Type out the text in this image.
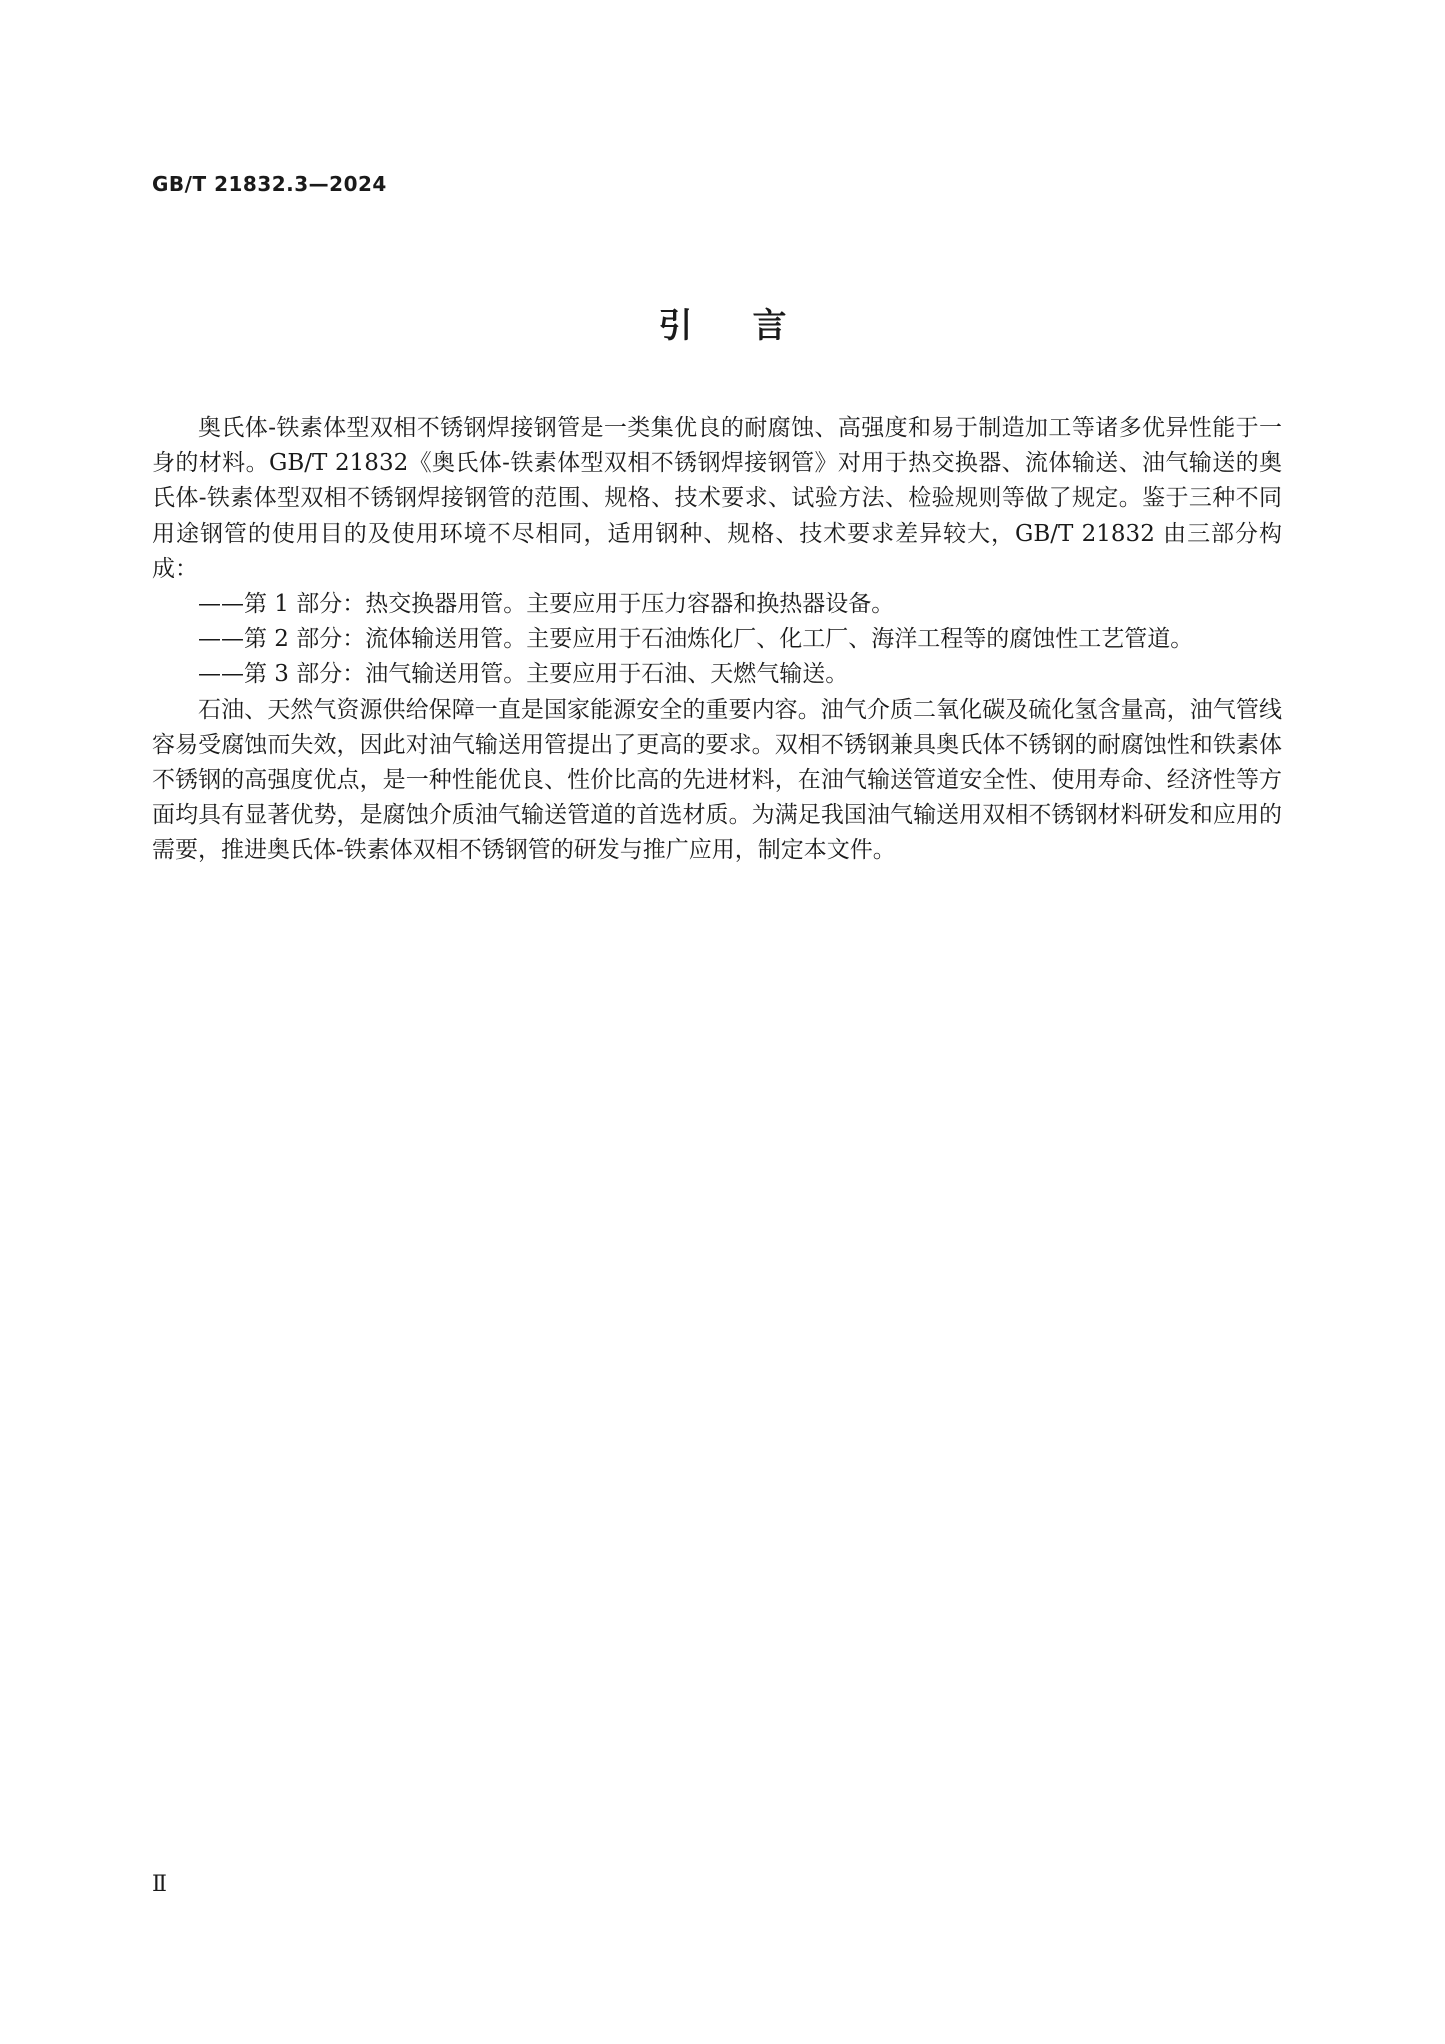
GB/T 21832.3—2024
引言

奥氏体-铁素体型双相不锈钢焊接钢管是一类集优良的耐腐蚀、高强度和易于制造加工等诸多优异性能于一身的材料。GB/T 21832《奥氏体-铁素体型双相不锈钢焊接钢管》对用于热交换器、流体输送、油气输送的奥氏体-铁素体型双相不锈钢焊接钢管的范围、规格、技术要求、试验方法、检验规则等做了规定。鉴于三种不同用途钢管的使用目的及使用环境不尽相同，适用钢种、规格、技术要求差异较大，GB/T 21832 由三部分构成：

——第 1 部分：热交换器用管。主要应用于压力容器和换热器设备。

——第 2 部分：流体输送用管。主要应用于石油炼化厂、化工厂、海洋工程等的腐蚀性工艺管道。

——第 3 部分：油气输送用管。主要应用于石油、天燃气输送。

石油、天然气资源供给保障一直是国家能源安全的重要内容。油气介质二氧化碳及硫化氢含量高，油气管线容易受腐蚀而失效，因此对油气输送用管提出了更高的要求。双相不锈钢兼具奥氏体不锈钢的耐腐蚀性和铁素体不锈钢的高强度优点，是一种性能优良、性价比高的先进材料，在油气输送管道安全性、使用寿命、经济性等方面均具有显著优势，是腐蚀介质油气输送管道的首选材质。为满足我国油气输送用双相不锈钢材料研发和应用的需要，推进奥氏体-铁素体双相不锈钢管的研发与推广应用，制定本文件。

Ⅱ
